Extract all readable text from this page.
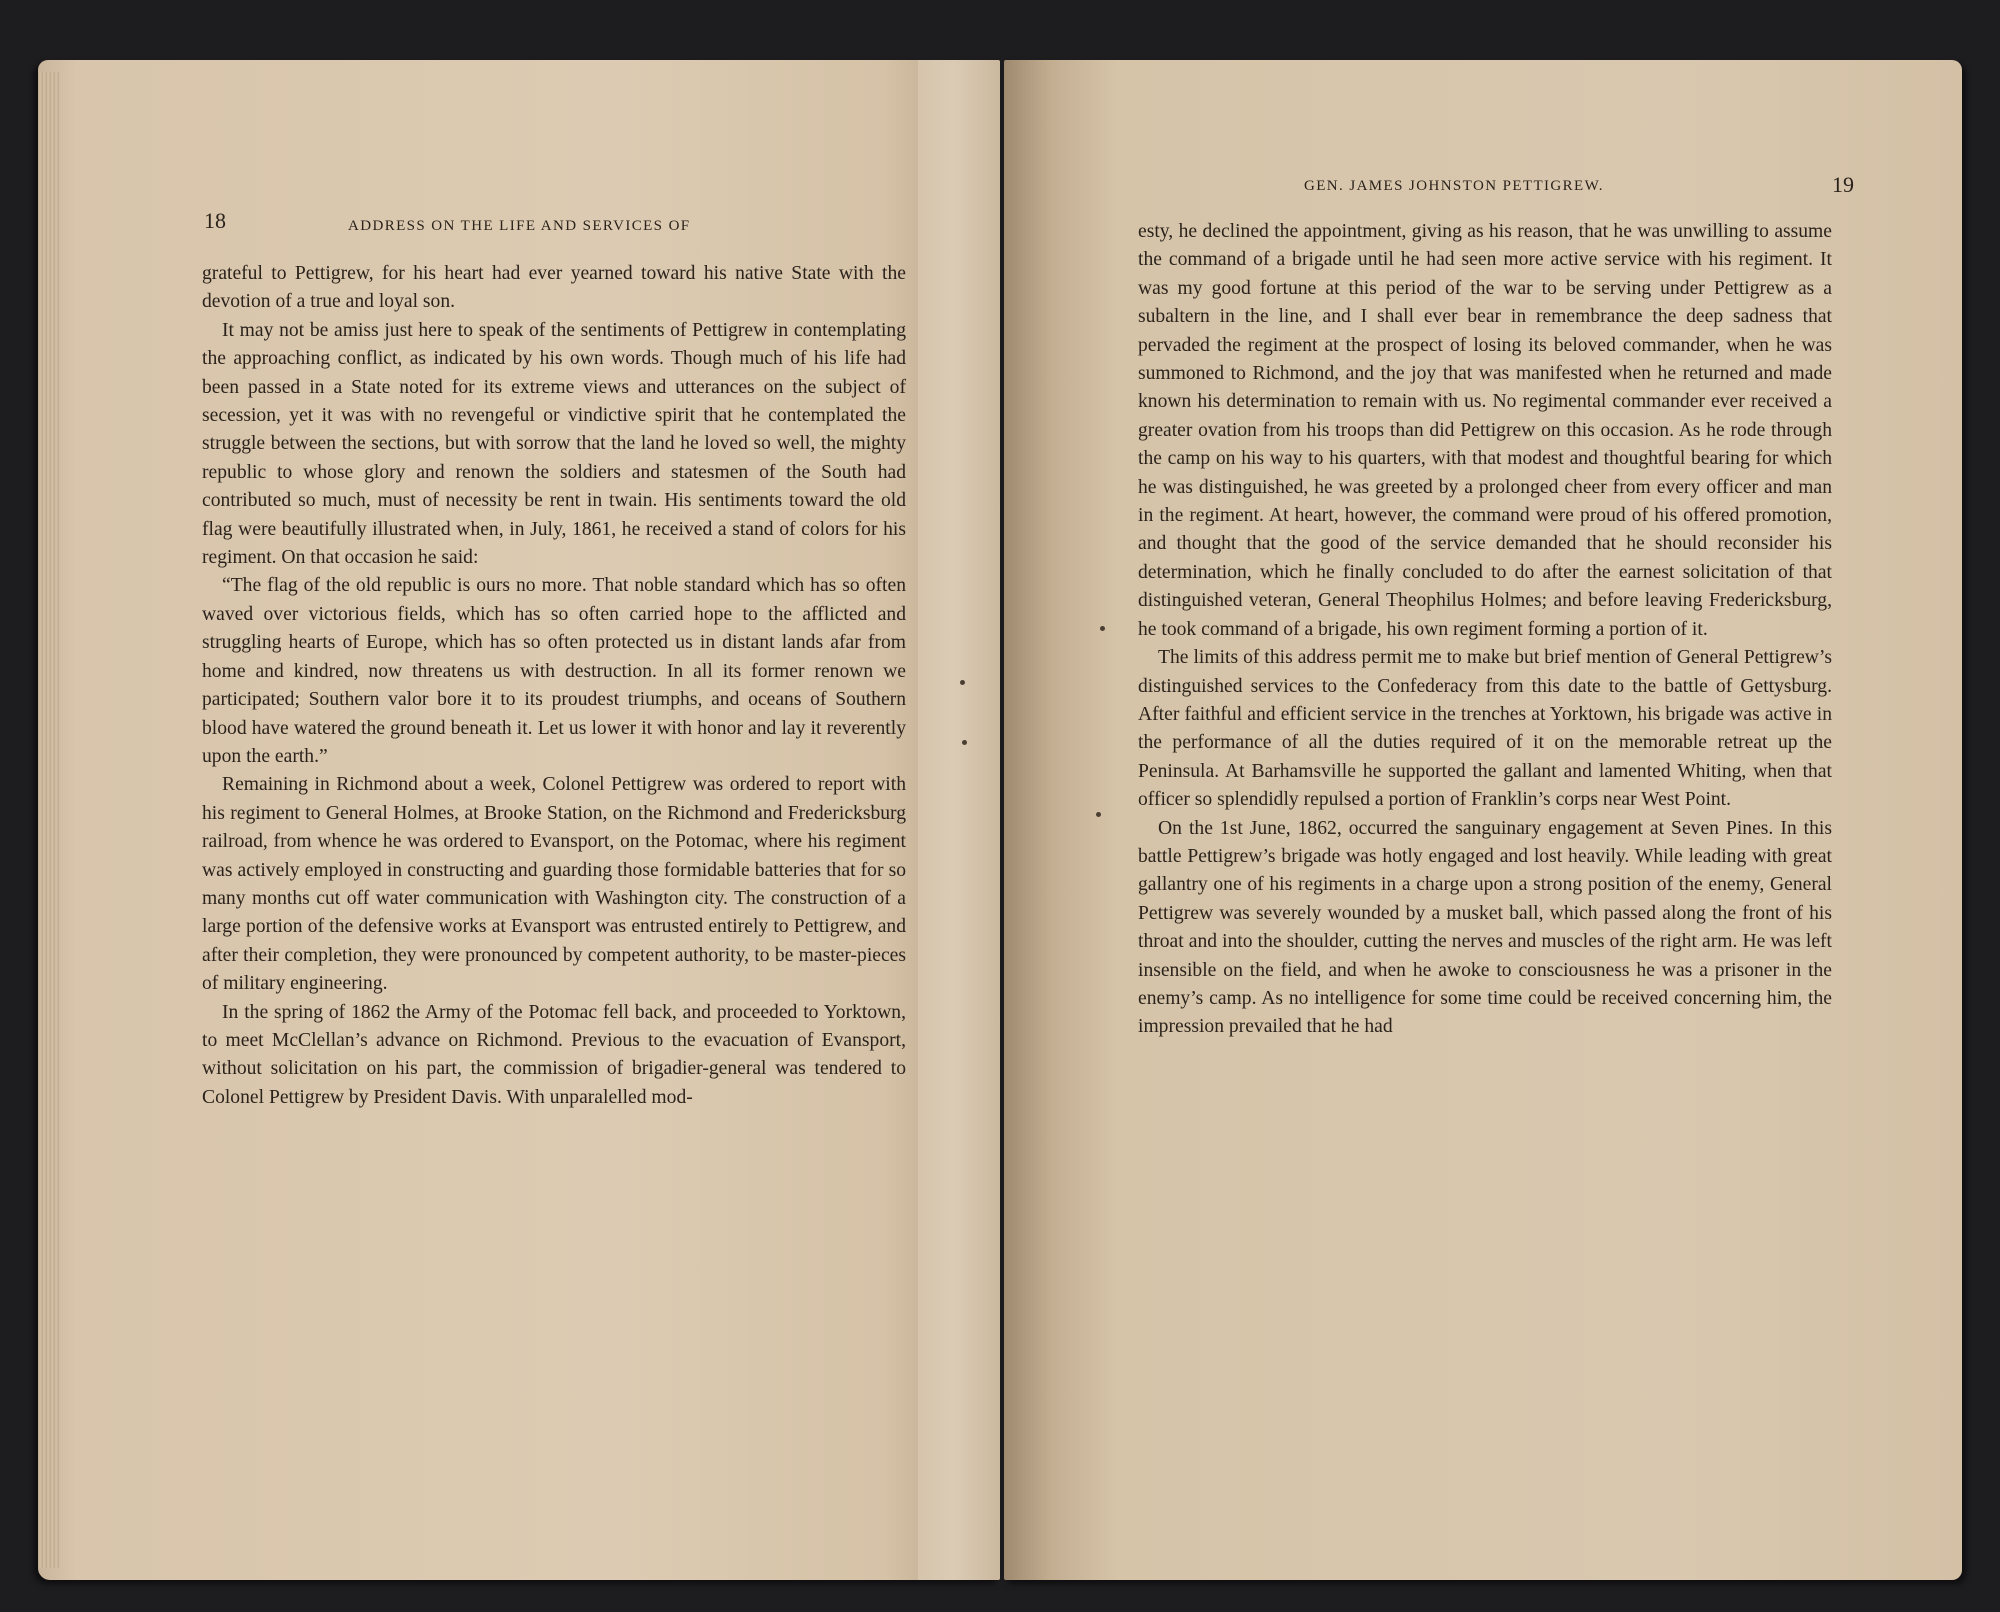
18	ADDRESS ON THE LIFE AND SERVICES OF

grateful to Pettigrew, for his heart had ever yearned toward his native State with the devotion of a true and loyal son.

It may not be amiss just here to speak of the sentiments of Pettigrew in contemplating the approaching conflict, as indicated by his own words. Though much of his life had been passed in a State noted for its extreme views and utterances on the subject of secession, yet it was with no revengeful or vindictive spirit that he contemplated the struggle between the sections, but with sorrow that the land he loved so well, the mighty republic to whose glory and renown the soldiers and statesmen of the South had contributed so much, must of necessity be rent in twain. His sentiments toward the old flag were beautifully illustrated when, in July, 1861, he received a stand of colors for his regiment. On that occasion he said:

“The flag of the old republic is ours no more. That noble standard which has so often waved over victorious fields, which has so often carried hope to the afflicted and struggling hearts of Europe, which has so often protected us in distant lands afar from home and kindred, now threatens us with destruction. In all its former renown we participated; Southern valor bore it to its proudest triumphs, and oceans of Southern blood have watered the ground beneath it. Let us lower it with honor and lay it reverently upon the earth.”

Remaining in Richmond about a week, Colonel Pettigrew was ordered to report with his regiment to General Holmes, at Brooke Station, on the Richmond and Fredericksburg railroad, from whence he was ordered to Evansport, on the Potomac, where his regiment was actively employed in constructing and guarding those formidable batteries that for so many months cut off water communication with Washington city. The construction of a large portion of the defensive works at Evansport was entrusted entirely to Pettigrew, and after their completion, they were pronounced by competent authority, to be master-pieces of military engineering.

In the spring of 1862 the Army of the Potomac fell back, and proceeded to Yorktown, to meet McClellan’s advance on Richmond. Previous to the evacuation of Evansport, without solicitation on his part, the commission of brigadier-general was tendered to Colonel Pettigrew by President Davis. With unparalelled mod-

GEN. JAMES JOHNSTON PETTIGREW.	19

esty, he declined the appointment, giving as his reason, that he was unwilling to assume the command of a brigade until he had seen more active service with his regiment. It was my good fortune at this period of the war to be serving under Pettigrew as a subaltern in the line, and I shall ever bear in remembrance the deep sadness that pervaded the regiment at the prospect of losing its beloved commander, when he was summoned to Richmond, and the joy that was manifested when he returned and made known his determination to remain with us. No regimental commander ever received a greater ovation from his troops than did Pettigrew on this occasion. As he rode through the camp on his way to his quarters, with that modest and thoughtful bearing for which he was distinguished, he was greeted by a prolonged cheer from every officer and man in the regiment. At heart, however, the command were proud of his offered promotion, and thought that the good of the service demanded that he should reconsider his determination, which he finally concluded to do after the earnest solicitation of that distinguished veteran, General Theophilus Holmes; and before leaving Fredericksburg, he took command of a brigade, his own regiment forming a portion of it.

The limits of this address permit me to make but brief mention of General Pettigrew’s distinguished services to the Confederacy from this date to the battle of Gettysburg. After faithful and efficient service in the trenches at Yorktown, his brigade was active in the performance of all the duties required of it on the memorable retreat up the Peninsula. At Barhamsville he supported the gallant and lamented Whiting, when that officer so splendidly repulsed a portion of Franklin’s corps near West Point.

On the 1st June, 1862, occurred the sanguinary engagement at Seven Pines. In this battle Pettigrew’s brigade was hotly engaged and lost heavily. While leading with great gallantry one of his regiments in a charge upon a strong position of the enemy, General Pettigrew was severely wounded by a musket ball, which passed along the front of his throat and into the shoulder, cutting the nerves and muscles of the right arm. He was left insensible on the field, and when he awoke to consciousness he was a prisoner in the enemy’s camp. As no intelligence for some time could be received concerning him, the impression prevailed that he had
